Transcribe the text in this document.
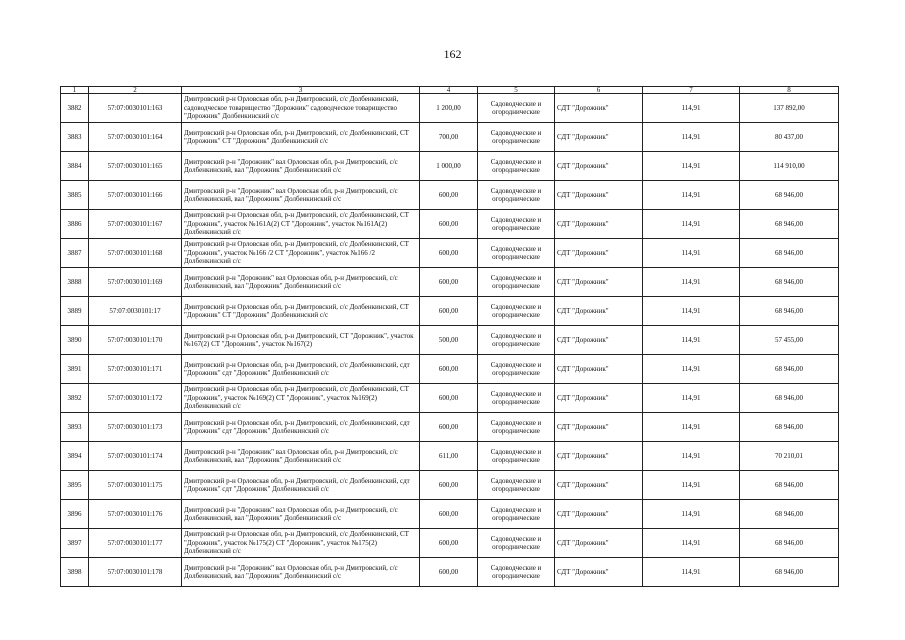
162
1	2	3	4	5	6	7	8
3882	57:07:0030101:163	Дмитровский р-н Орловская обл, р-н Дмитровский, с/с Долбенкинский, садоводческое товарищество "Дорожник" садоводческое товарищество "Дорожник" Долбенкинский с/с	1 200,00	Садоводческие и огороднические	СДТ "Дорожник"	114,91	137 892,00
3883	57:07:0030101:164	Дмитровский р-н Орловская обл, р-н Дмитровский, с/с Долбенкинский, СТ "Дорожник" СТ "Дорожник" Долбенкинский с/с	700,00	Садоводческие и огороднические	СДТ "Дорожник"	114,91	80 437,00
3884	57:07:0030101:165	Дмитровский р-н "Дорожник" вал Орловская обл, р-н Дмитровский, с/с Долбенкинский, вал "Дорожник" Долбенкинский с/с	1 000,00	Садоводческие и огороднические	СДТ "Дорожник"	114,91	114 910,00
3885	57:07:0030101:166	Дмитровский р-н "Дорожник" вал Орловская обл, р-н Дмитровский, с/с Долбенкинский, вал "Дорожник" Долбенкинский с/с	600,00	Садоводческие и огороднические	СДТ "Дорожник"	114,91	68 946,00
3886	57:07:0030101:167	Дмитровский р-н Орловская обл, р-н Дмитровский, с/с Долбенкинский, СТ "Дорожник", участок №161А(2) СТ "Дорожник", участок №161А(2) Долбенкинский с/с	600,00	Садоводческие и огороднические	СДТ "Дорожник"	114,91	68 946,00
3887	57:07:0030101:168	Дмитровский р-н Орловская обл, р-н Дмитровский, с/с Долбенкинский, СТ "Дорожник", участок №166 /2 СТ "Дорожник", участок №166 /2 Долбенкинский с/с	600,00	Садоводческие и огороднические	СДТ "Дорожник"	114,91	68 946,00
3888	57:07:0030101:169	Дмитровский р-н "Дорожник" вал Орловская обл, р-н Дмитровский, с/с Долбенкинский, вал "Дорожник" Долбенкинский с/с	600,00	Садоводческие и огороднические	СДТ "Дорожник"	114,91	68 946,00
3889	57:07:0030101:17	Дмитровский р-н Орловская обл, р-н Дмитровский, с/с Долбенкинский, СТ "Дорожник" СТ "Дорожник" Долбенкинский с/с	600,00	Садоводческие и огороднические	СДТ "Дорожник"	114,91	68 946,00
3890	57:07:0030101:170	Дмитровский р-н Орловская обл, р-н Дмитровский, СТ "Дорожник", участок №167(2) СТ "Дорожник", участок №167(2)	500,00	Садоводческие и огороднические	СДТ "Дорожник"	114,91	57 455,00
3891	57:07:0030101:171	Дмитровский р-н Орловская обл, р-н Дмитровский, с/с Долбенкинский, сдт "Дорожник" сдт "Дорожник" Долбенкинский с/с	600,00	Садоводческие и огороднические	СДТ "Дорожник"	114,91	68 946,00
3892	57:07:0030101:172	Дмитровский р-н Орловская обл, р-н Дмитровский, с/с Долбенкинский, СТ "Дорожник", участок №169(2) СТ "Дорожник", участок №169(2) Долбенкинский с/с	600,00	Садоводческие и огороднические	СДТ "Дорожник"	114,91	68 946,00
3893	57:07:0030101:173	Дмитровский р-н Орловская обл, р-н Дмитровский, с/с Долбенкинский, сдт "Дорожник" сдт "Дорожник" Долбенкинский с/с	600,00	Садоводческие и огороднические	СДТ "Дорожник"	114,91	68 946,00
3894	57:07:0030101:174	Дмитровский р-н "Дорожник" вал Орловская обл, р-н Дмитровский, с/с Долбенкинский, вал "Дорожник" Долбенкинский с/с	611,00	Садоводческие и огороднические	СДТ "Дорожник"	114,91	70 210,01
3895	57:07:0030101:175	Дмитровский р-н Орловская обл, р-н Дмитровский, с/с Долбенкинский, сдт "Дорожник" сдт "Дорожник" Долбенкинский с/с	600,00	Садоводческие и огороднические	СДТ "Дорожник"	114,91	68 946,00
3896	57:07:0030101:176	Дмитровский р-н "Дорожник" вал Орловская обл, р-н Дмитровский, с/с Долбенкинский, вал "Дорожник" Долбенкинский с/с	600,00	Садоводческие и огороднические	СДТ "Дорожник"	114,91	68 946,00
3897	57:07:0030101:177	Дмитровский р-н Орловская обл, р-н Дмитровский, с/с Долбенкинский, СТ "Дорожник", участок №175(2) СТ "Дорожник", участок №175(2) Долбенкинский с/с	600,00	Садоводческие и огороднические	СДТ "Дорожник"	114,91	68 946,00
3898	57:07:0030101:178	Дмитровский р-н "Дорожник" вал Орловская обл, р-н Дмитровский, с/с Долбенкинский, вал "Дорожник" Долбенкинский с/с	600,00	Садоводческие и огороднические	СДТ "Дорожник"	114,91	68 946,00
